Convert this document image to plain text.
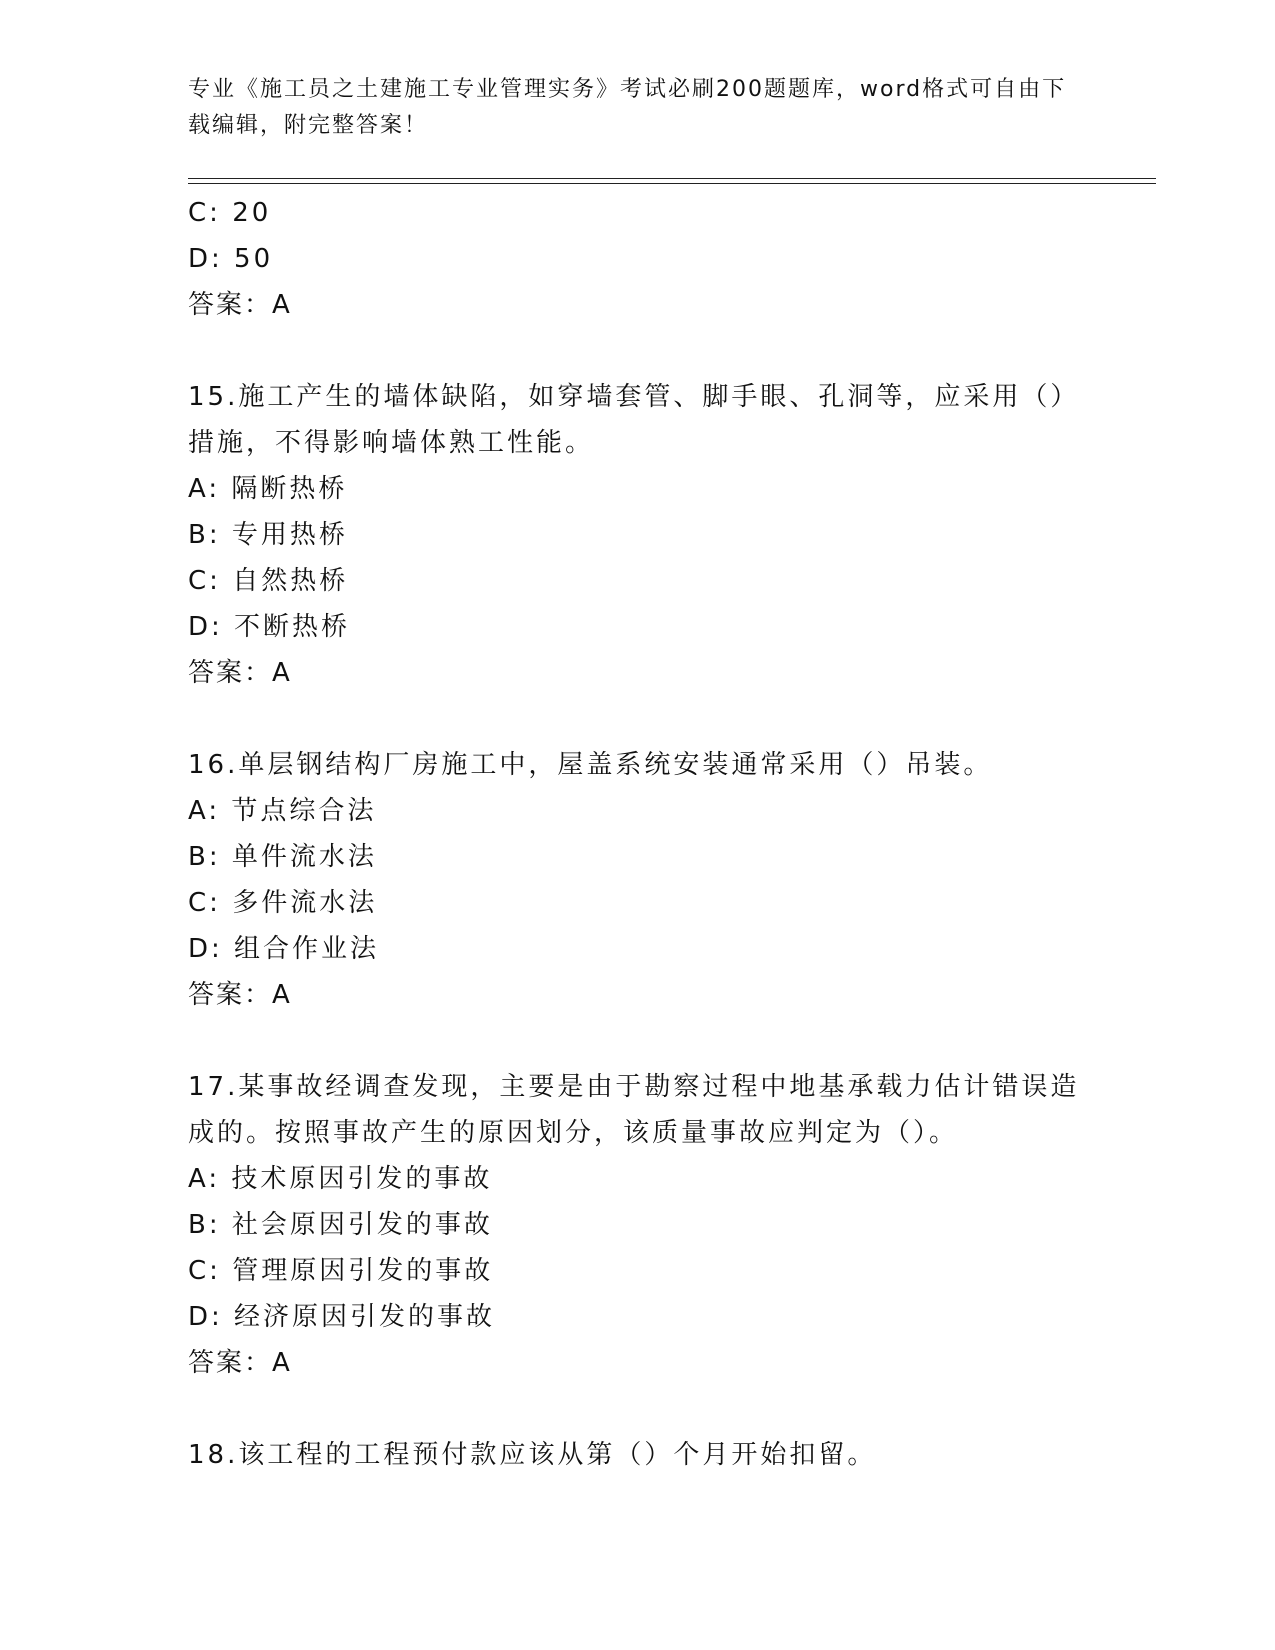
专业《施工员之土建施工专业管理实务》考试必刷200题题库，word格式可自由下载编辑，附完整答案！
C: 20
D: 50
答案：A
15.施工产生的墙体缺陷，如穿墙套管、脚手眼、孔洞等，应采用（）措施，不得影响墙体熟工性能。
A: 隔断热桥
B: 专用热桥
C: 自然热桥
D: 不断热桥
答案：A
16.单层钢结构厂房施工中，屋盖系统安装通常采用（）吊装。
A: 节点综合法
B: 单件流水法
C: 多件流水法
D: 组合作业法
答案：A
17.某事故经调查发现，主要是由于勘察过程中地基承载力估计错误造成的。按照事故产生的原因划分，该质量事故应判定为（）。
A: 技术原因引发的事故
B: 社会原因引发的事故
C: 管理原因引发的事故
D: 经济原因引发的事故
答案：A
18.该工程的工程预付款应该从第（）个月开始扣留。
